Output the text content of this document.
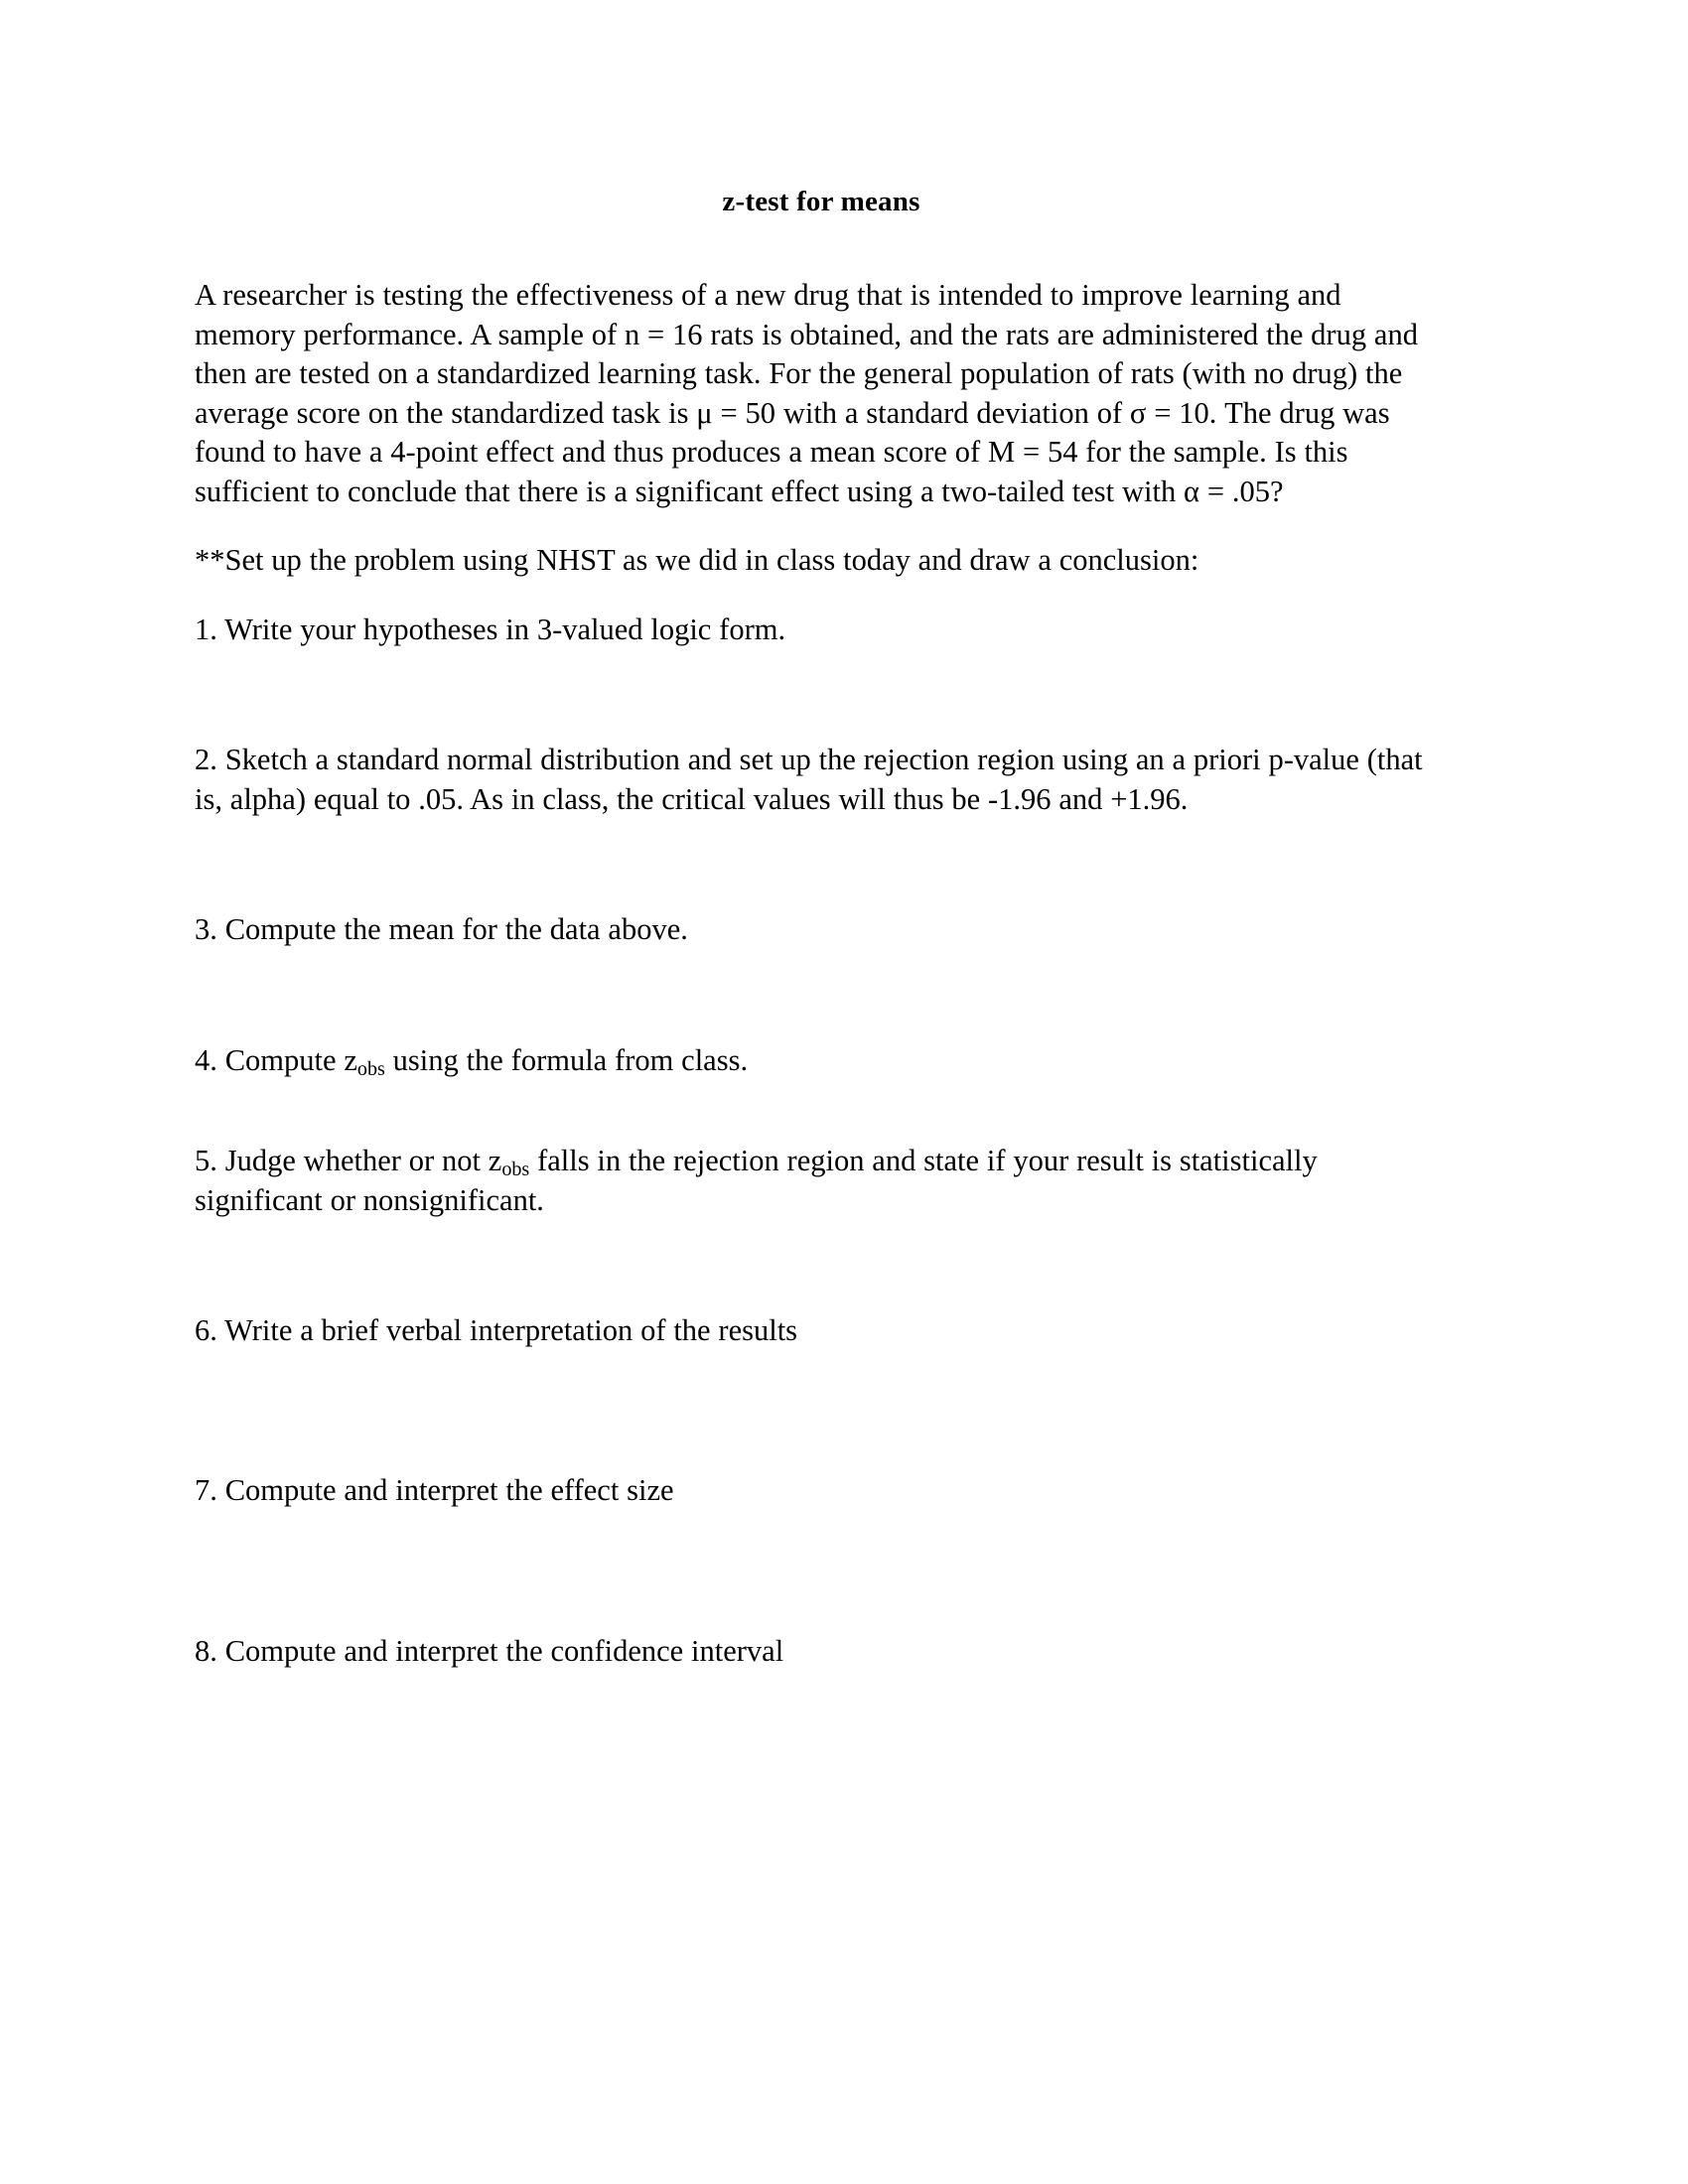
z-test for means

A researcher is testing the effectiveness of a new drug that is intended to improve learning and memory performance. A sample of n = 16 rats is obtained, and the rats are administered the drug and then are tested on a standardized learning task. For the general population of rats (with no drug) the average score on the standardized task is μ = 50 with a standard deviation of σ = 10. The drug was found to have a 4-point effect and thus produces a mean score of M = 54 for the sample. Is this sufficient to conclude that there is a significant effect using a two-tailed test with α = .05?

**Set up the problem using NHST as we did in class today and draw a conclusion:

1. Write your hypotheses in 3-valued logic form.

2. Sketch a standard normal distribution and set up the rejection region using an a priori p-value (that is, alpha) equal to .05. As in class, the critical values will thus be -1.96 and +1.96.

3. Compute the mean for the data above.

4. Compute $z_{obs}$ using the formula from class.

5. Judge whether or not $z_{obs}$ falls in the rejection region and state if your result is statistically significant or nonsignificant.

6. Write a brief verbal interpretation of the results

7. Compute and interpret the effect size

8. Compute and interpret the confidence interval
